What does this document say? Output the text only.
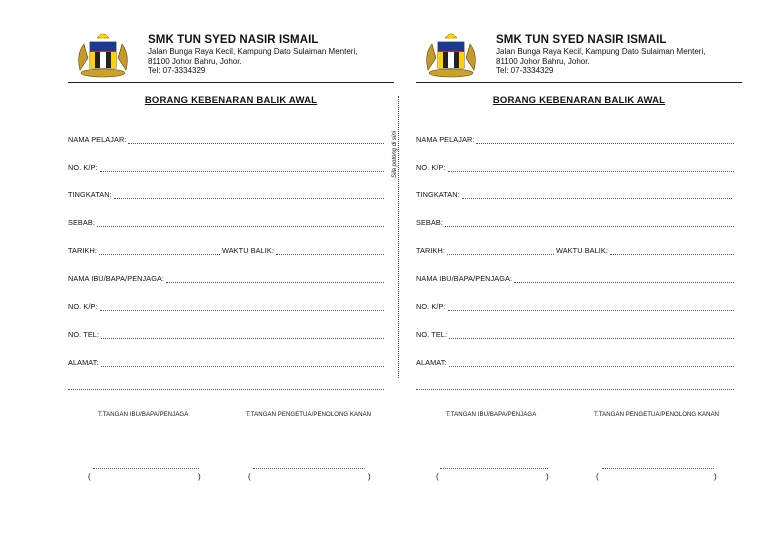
SMK TUN SYED NASIR ISMAIL
Jalan Bunga Raya Kecil, Kampung Dato Sulaiman Menteri,
81100 Johor Bahru, Johor.
Tel: 07-3334329
BORANG KEBENARAN BALIK AWAL
NAMA PELAJAR:
NO. K/P:
TINGKATAN:
SEBAB:
TARIKH:	WAKTU BALIK:
NAMA IBU/BAPA/PENJAGA:
NO. K/P:
NO. TEL:
ALAMAT:
T.TANGAN IBU/BAPA/PENJAGA	T.TANGAN PENGETUA/PENOLONG KANAN
(	)	(	)
Sila potong di sini
SMK TUN SYED NASIR ISMAIL
Jalan Bunga Raya Kecil, Kampung Dato Sulaiman Menteri,
81100 Johor Bahru, Johor.
Tel: 07-3334329
BORANG KEBENARAN BALIK AWAL
NAMA PELAJAR:
NO. K/P:
TINGKATAN:
SEBAB:
TARIKH:	WAKTU BALIK:
NAMA IBU/BAPA/PENJAGA:
NO. K/P:
NO. TEL:
ALAMAT:
T.TANGAN IBU/BAPA/PENJAGA	T.TANGAN PENGETUA/PENOLONG KANAN
(	)	(	)
